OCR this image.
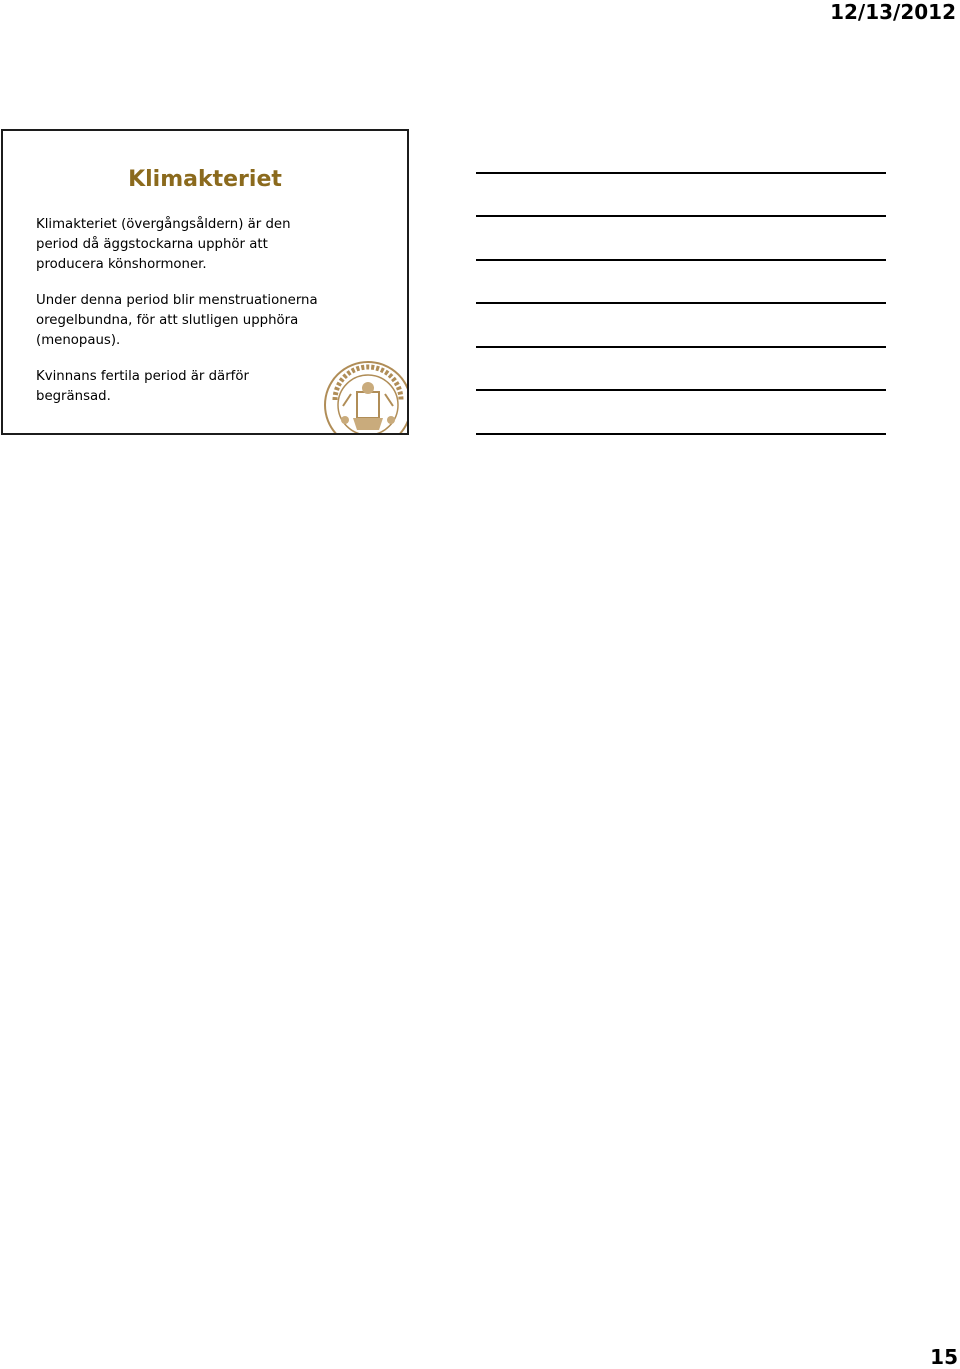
12/13/2012
Klimakteriet

Klimakteriet (övergångsåldern) är den
period då äggstockarna upphör att
producera könshormoner.

Under denna period blir menstruationerna
oregelbundna, för att slutligen upphöra
(menopaus).

Kvinnans fertila period är därför
begränsad.

15
